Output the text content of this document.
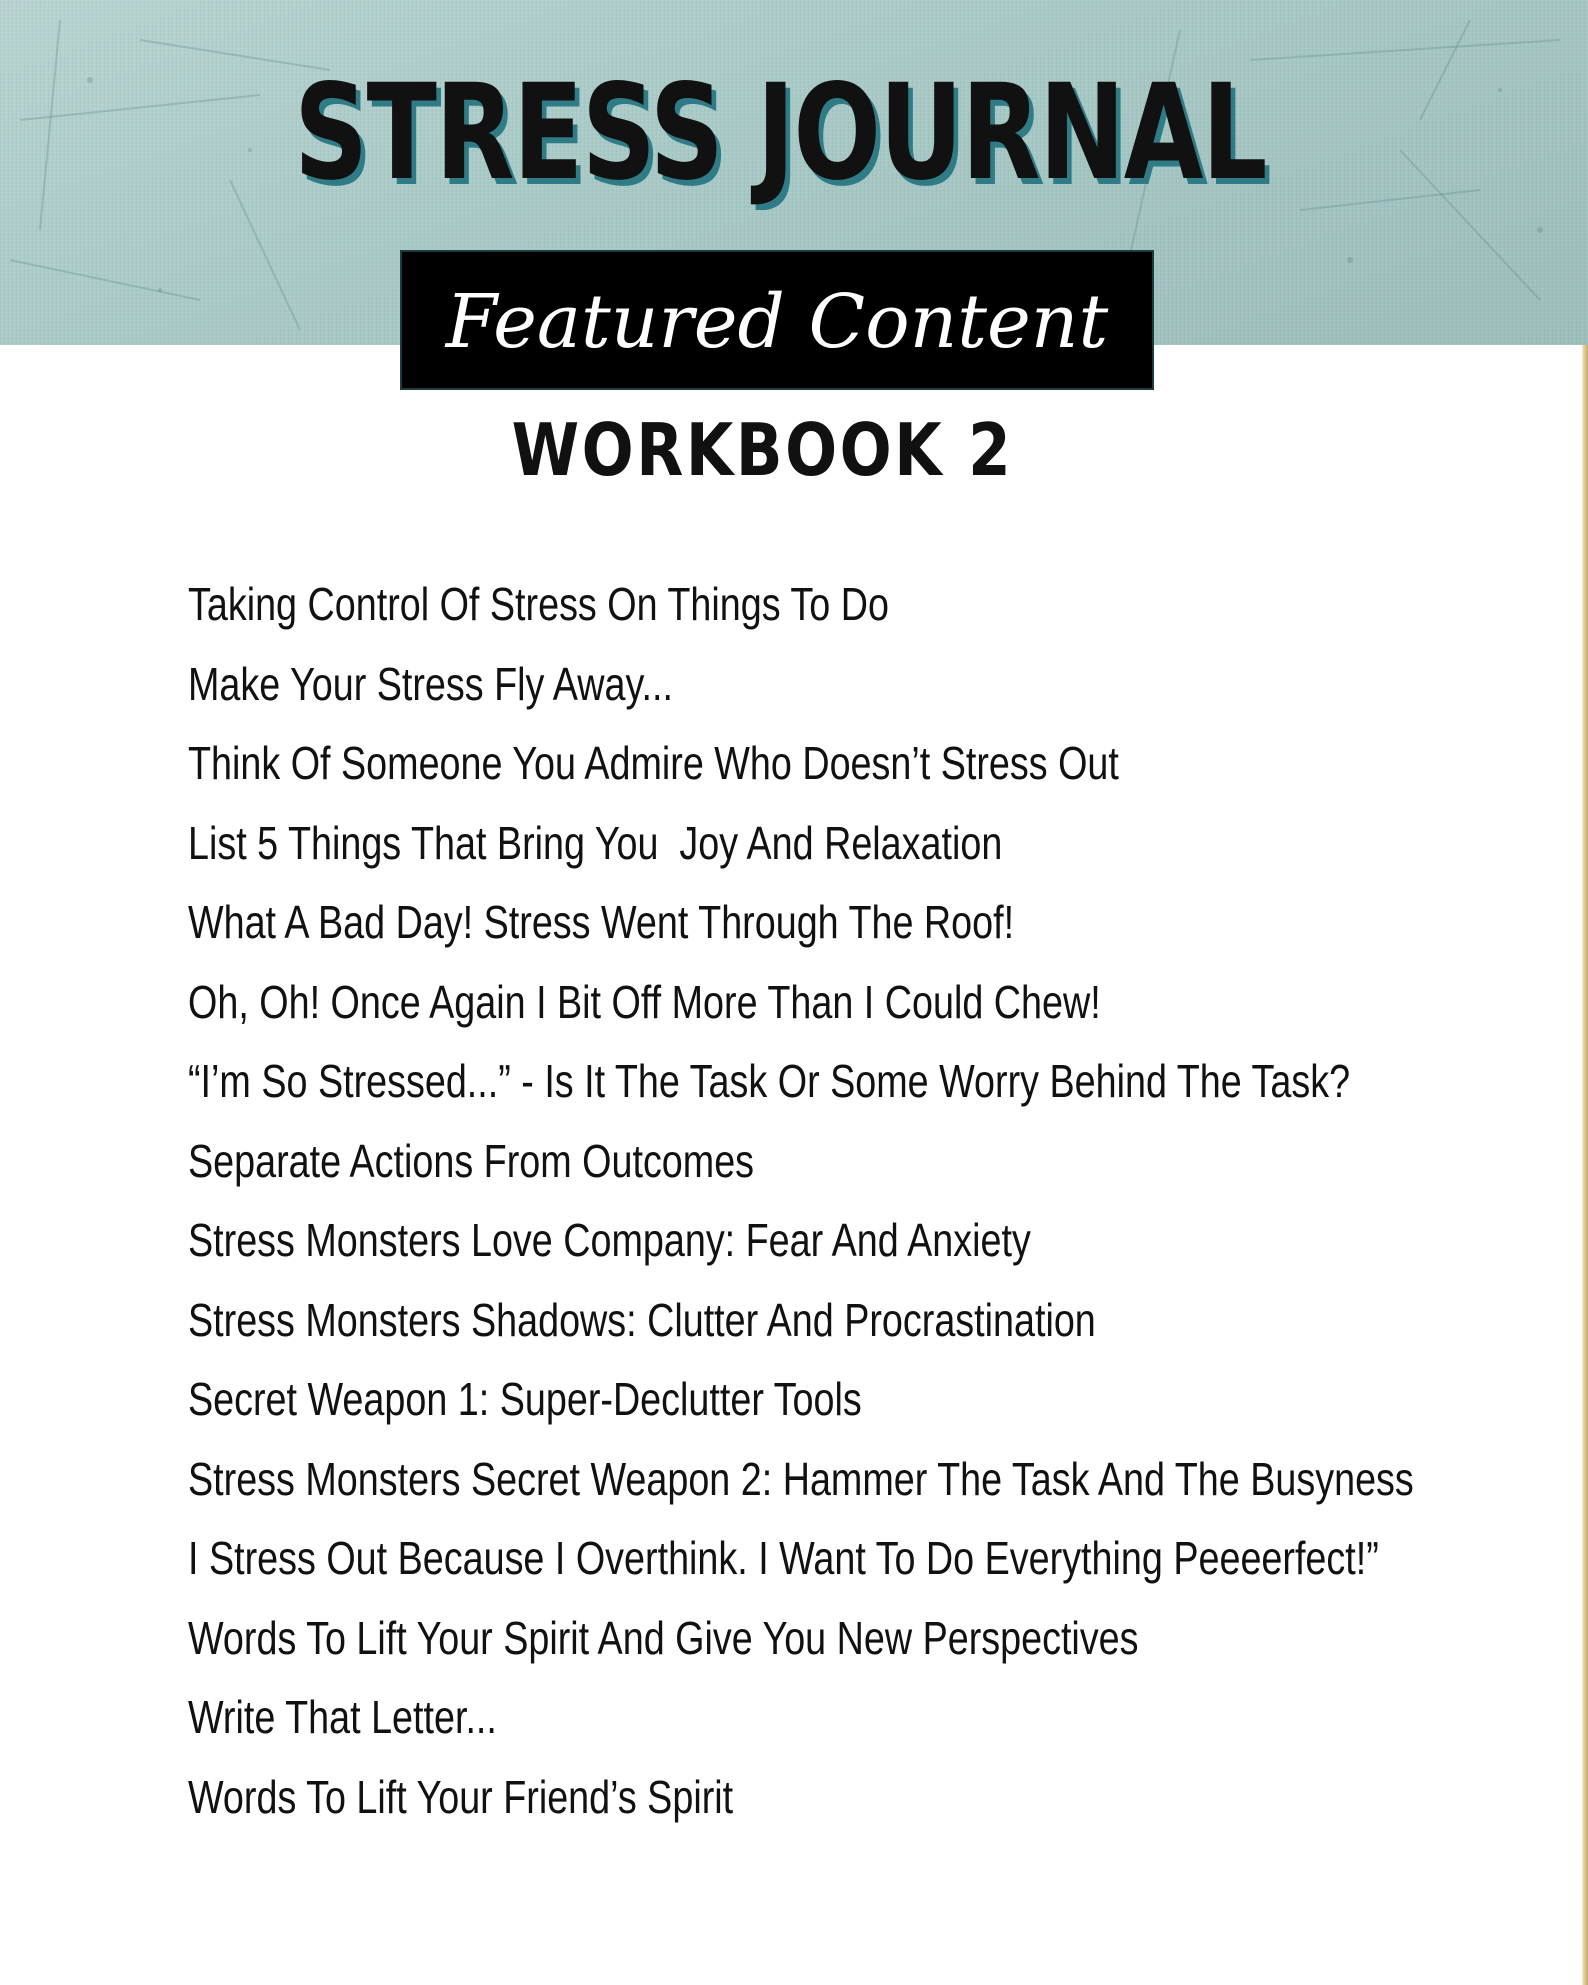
STRESS JOURNAL
Featured Content
WORKBOOK 2
Taking Control Of Stress On Things To Do
Make Your Stress Fly Away...
Think Of Someone You Admire Who Doesn’t Stress Out
List 5 Things That Bring You  Joy And Relaxation
What A Bad Day! Stress Went Through The Roof!
Oh, Oh! Once Again I Bit Off More Than I Could Chew!
“I’m So Stressed...” - Is It The Task Or Some Worry Behind The Task?
Separate Actions From Outcomes
Stress Monsters Love Company: Fear And Anxiety
Stress Monsters Shadows: Clutter And Procrastination
Secret Weapon 1: Super-Declutter Tools
Stress Monsters Secret Weapon 2: Hammer The Task And The Busyness
I Stress Out Because I Overthink. I Want To Do Everything Peeeerfect!”
Words To Lift Your Spirit And Give You New Perspectives
Write That Letter...
Words To Lift Your Friend’s Spirit
